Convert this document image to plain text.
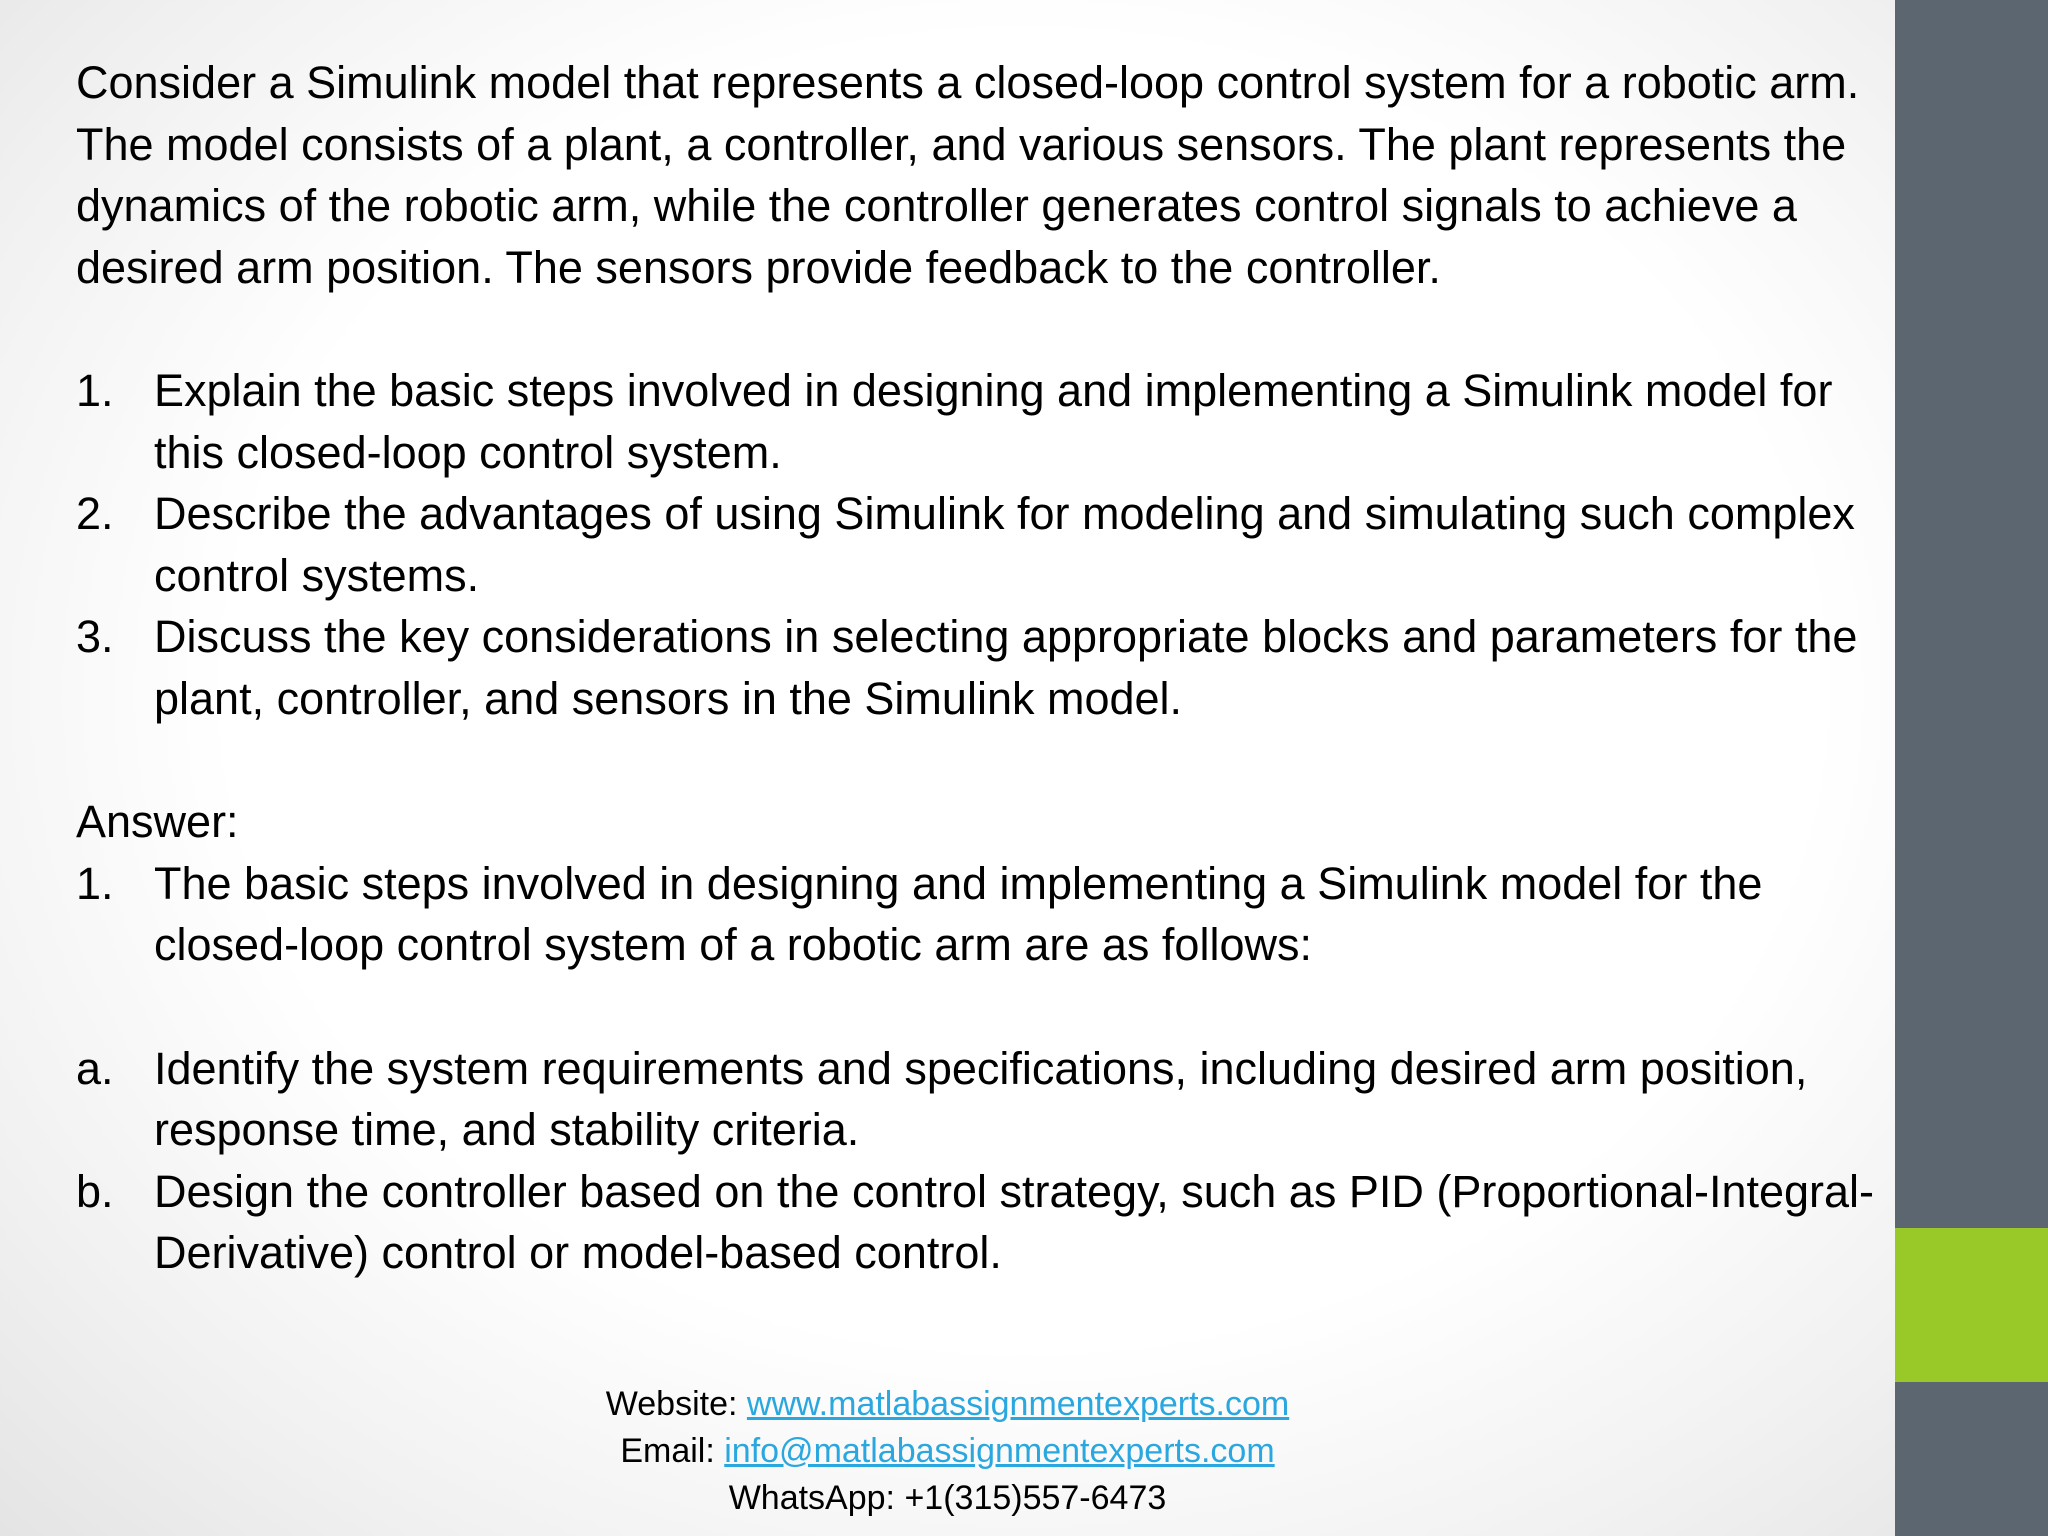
Consider a Simulink model that represents a closed-loop control system for a robotic arm. The model consists of a plant, a controller, and various sensors. The plant represents the dynamics of the robotic arm, while the controller generates control signals to achieve a desired arm position. The sensors provide feedback to the controller.

1. Explain the basic steps involved in designing and implementing a Simulink model for this closed-loop control system.

2. Describe the advantages of using Simulink for modeling and simulating such complex control systems.

3. Discuss the key considerations in selecting appropriate blocks and parameters for the plant, controller, and sensors in the Simulink model.

Answer:

1. The basic steps involved in designing and implementing a Simulink model for the closed-loop control system of a robotic arm are as follows:

a. Identify the system requirements and specifications, including desired arm position, response time, and stability criteria.

b. Design the controller based on the control strategy, such as PID (Proportional-Integral-Derivative) control or model-based control.

Website: www.matlabassignmentexperts.com
Email: info@matlabassignmentexperts.com
WhatsApp: +1(315)557-6473
